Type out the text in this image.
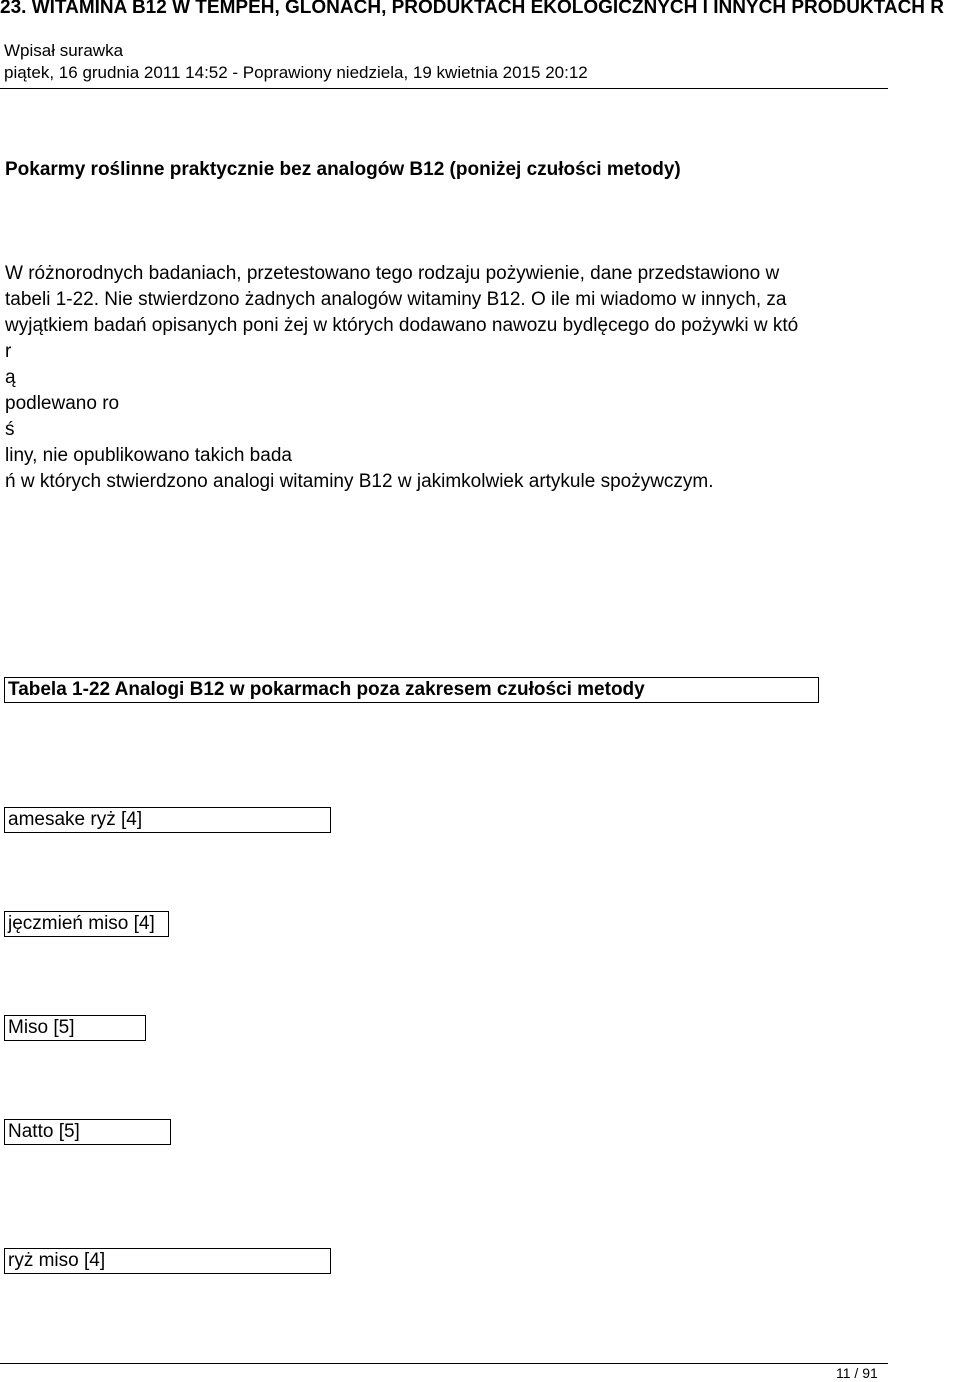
23. WITAMINA B12 W TEMPEH, GLONACH, PRODUKTACH EKOLOGICZNYCH I INNYCH PRODUKTACH R
Wpisał surawka
piątek, 16 grudnia 2011 14:52 - Poprawiony niedziela, 19 kwietnia 2015 20:12
Pokarmy roślinne praktycznie bez analogów B12 (poniżej czułości metody)
W różnorodnych badaniach, przetestowano tego rodzaju pożywienie, dane przedstawiono w
tabeli 1-22. Nie stwierdzono żadnych analogów witaminy B12. O ile mi wiadomo w innych, za
wyjątkiem badań opisanych poni żej w których dodawano nawozu bydlęcego do pożywki w któ
r
ą
podlewano ro
ś
liny, nie opublikowano takich bada
ń w których stwierdzono analogi witaminy B12 w jakimkolwiek artykule spożywczym.
Tabela 1-22 Analogi B12 w pokarmach poza zakresem czułości metody
amesake ryż [4]
jęczmień miso [4]
Miso [5]
Natto [5]
ryż miso [4]
11 / 91
